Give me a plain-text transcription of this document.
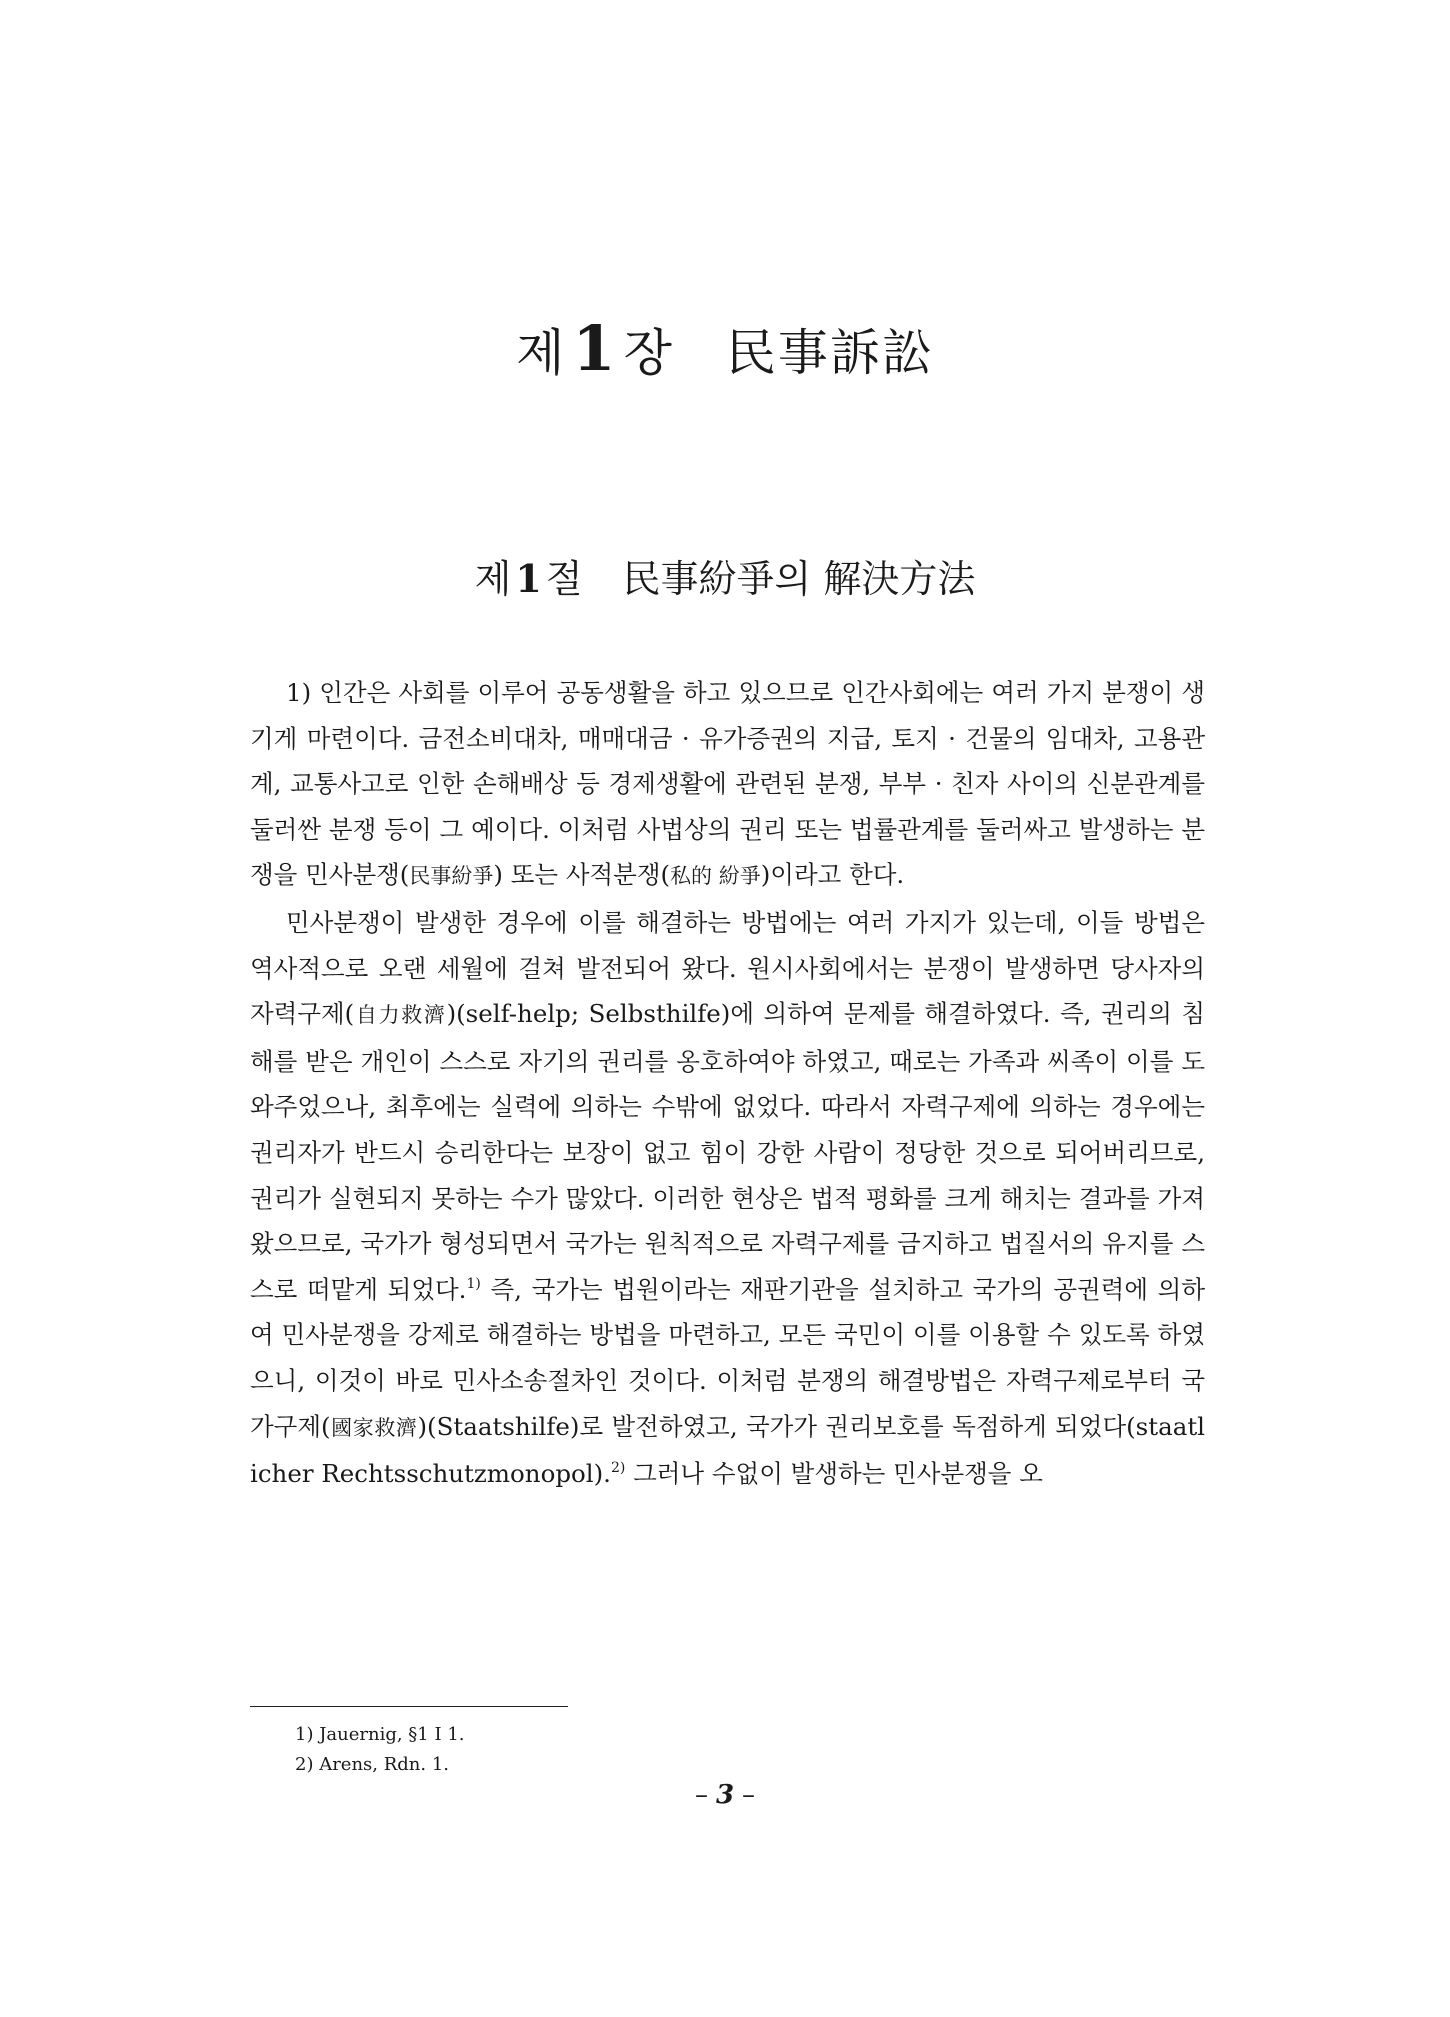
제1 장 民事訴訟
제 1 절 民事紛爭의 解決方法

1) 인간은 사회를 이루어 공동생활을 하고 있으므로 인간사회에는 여러 가지 분쟁이 생기게 마련이다. 금전소비대차, 매매대금 · 유가증권의 지급, 토지 · 건물의 임대차, 고용관계, 교통사고로 인한 손해배상 등 경제생활에 관련된 분쟁, 부부 · 친자 사이의 신분관계를 둘러싼 분쟁 등이 그 예이다. 이처럼 사법상의 권리 또는 법률관계를 둘러싸고 발생하는 분쟁을 민사분쟁(民事紛爭) 또는 사적분쟁(私的 紛爭)이라고 한다.

민사분쟁이 발생한 경우에 이를 해결하는 방법에는 여러 가지가 있는데, 이들 방법은 역사적으로 오랜 세월에 걸쳐 발전되어 왔다. 원시사회에서는 분쟁이 발생하면 당사자의 자력구제(自力救濟)(self-help; Selbsthilfe)에 의하여 문제를 해결하였다. 즉, 권리의 침해를 받은 개인이 스스로 자기의 권리를 옹호하여야 하였고, 때로는 가족과 씨족이 이를 도와주었으나, 최후에는 실력에 의하는 수밖에 없었다. 따라서 자력구제에 의하는 경우에는 권리자가 반드시 승리한다는 보장이 없고 힘이 강한 사람이 정당한 것으로 되어버리므로, 권리가 실현되지 못하는 수가 많았다. 이러한 현상은 법적 평화를 크게 해치는 결과를 가져왔으므로, 국가가 형성되면서 국가는 원칙적으로 자력구제를 금지하고 법질서의 유지를 스스로 떠맡게 되었다.$^{1)}$ 즉, 국가는 법원이라는 재판기관을 설치하고 국가의 공권력에 의하여 민사분쟁을 강제로 해결하는 방법을 마련하고, 모든 국민이 이를 이용할 수 있도록 하였으니, 이것이 바로 민사소송절차인 것이다. 이처럼 분쟁의 해결방법은 자력구제로부터 국가구제(國家救濟)(Staatshilfe)로 발전하였고, 국가가 권리보호를 독점하게 되었다(staatlicher Rechtsschutzmonopol).$^{2)}$ 그러나 수없이 발생하는 민사분쟁을 오

1) Jauernig, §1 Ⅰ 1.
2) Arens, Rdn. 1.
– 3 –
